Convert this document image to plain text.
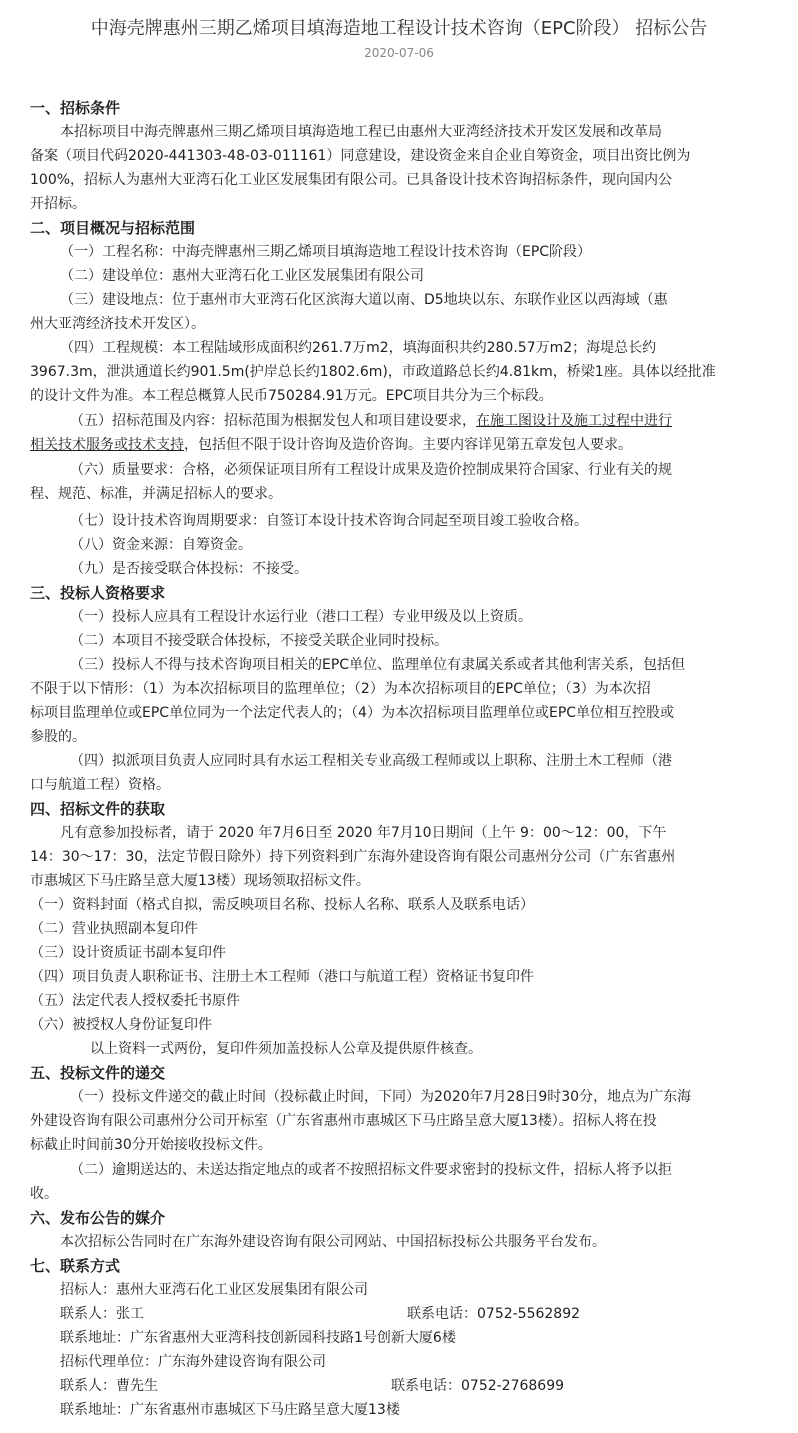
中海壳牌惠州三期乙烯项目填海造地工程设计技术咨询（EPC阶段） 招标公告
2020-07-06
一、招标条件
本招标项目中海壳牌惠州三期乙烯项目填海造地工程已由惠州大亚湾经济技术开发区发展和改革局
备案（项目代码2020-441303-48-03-011161）同意建设，建设资金来自企业自筹资金，项目出资比例为
100%，招标人为惠州大亚湾石化工业区发展集团有限公司。已具备设计技术咨询招标条件，现向国内公
开招标。
二、项目概况与招标范围
（一）工程名称：中海壳牌惠州三期乙烯项目填海造地工程设计技术咨询（EPC阶段）
（二）建设单位：惠州大亚湾石化工业区发展集团有限公司
（三）建设地点：位于惠州市大亚湾石化区滨海大道以南、D5地块以东、东联作业区以西海域（惠
州大亚湾经济技术开发区）。
（四）工程规模：本工程陆域形成面积约261.7万m2，填海面积共约280.57万m2；海堤总长约
3967.3m，泄洪通道长约901.5m(护岸总长约1802.6m)，市政道路总长约4.81km，桥梁1座。具体以经批准
的设计文件为准。本工程总概算人民币750284.91万元。EPC项目共分为三个标段。
（五）招标范围及内容：招标范围为根据发包人和项目建设要求，在施工图设计及施工过程中进行
相关技术服务或技术支持，包括但不限于设计咨询及造价咨询。主要内容详见第五章发包人要求。
（六）质量要求：合格，必须保证项目所有工程设计成果及造价控制成果符合国家、行业有关的规
程、规范、标准，并满足招标人的要求。
（七）设计技术咨询周期要求：自签订本设计技术咨询合同起至项目竣工验收合格。
（八）资金来源：自筹资金。
（九）是否接受联合体投标：不接受。
三、投标人资格要求
（一）投标人应具有工程设计水运行业（港口工程）专业甲级及以上资质。
（二）本项目不接受联合体投标，不接受关联企业同时投标。
（三）投标人不得与技术咨询项目相关的EPC单位、监理单位有隶属关系或者其他利害关系，包括但
不限于以下情形：（1）为本次招标项目的监理单位；（2）为本次招标项目的EPC单位；（3）为本次招
标项目监理单位或EPC单位同为一个法定代表人的；（4）为本次招标项目监理单位或EPC单位相互控股或
参股的。
（四）拟派项目负责人应同时具有水运工程相关专业高级工程师或以上职称、注册土木工程师（港
口与航道工程）资格。
四、招标文件的获取
凡有意参加投标者，请于 2020 年7月6日至 2020 年7月10日期间（上午 9：00～12：00，下午
14：30～17：30，法定节假日除外）持下列资料到广东海外建设咨询有限公司惠州分公司（广东省惠州
市惠城区下马庄路呈意大厦13楼）现场领取招标文件。
（一）资料封面（格式自拟，需反映项目名称、投标人名称、联系人及联系电话）
（二）营业执照副本复印件
（三）设计资质证书副本复印件
（四）项目负责人职称证书、注册土木工程师（港口与航道工程）资格证书复印件
（五）法定代表人授权委托书原件
（六）被授权人身份证复印件
以上资料一式两份，复印件须加盖投标人公章及提供原件核查。
五、投标文件的递交
（一）投标文件递交的截止时间（投标截止时间，下同）为2020年7月28日9时30分，地点为广东海
外建设咨询有限公司惠州分公司开标室（广东省惠州市惠城区下马庄路呈意大厦13楼）。招标人将在投
标截止时间前30分开始接收投标文件。
（二）逾期送达的、未送达指定地点的或者不按照招标文件要求密封的投标文件，招标人将予以拒
收。
六、发布公告的媒介
本次招标公告同时在广东海外建设咨询有限公司网站、中国招标投标公共服务平台发布。
七、联系方式
招标人：惠州大亚湾石化工业区发展集团有限公司
联系人：张工	联系电话：0752-5562892
联系地址：广东省惠州大亚湾科技创新园科技路1号创新大厦6楼
招标代理单位：广东海外建设咨询有限公司
联系人：曹先生	联系电话：0752-2768699
联系地址：广东省惠州市惠城区下马庄路呈意大厦13楼
